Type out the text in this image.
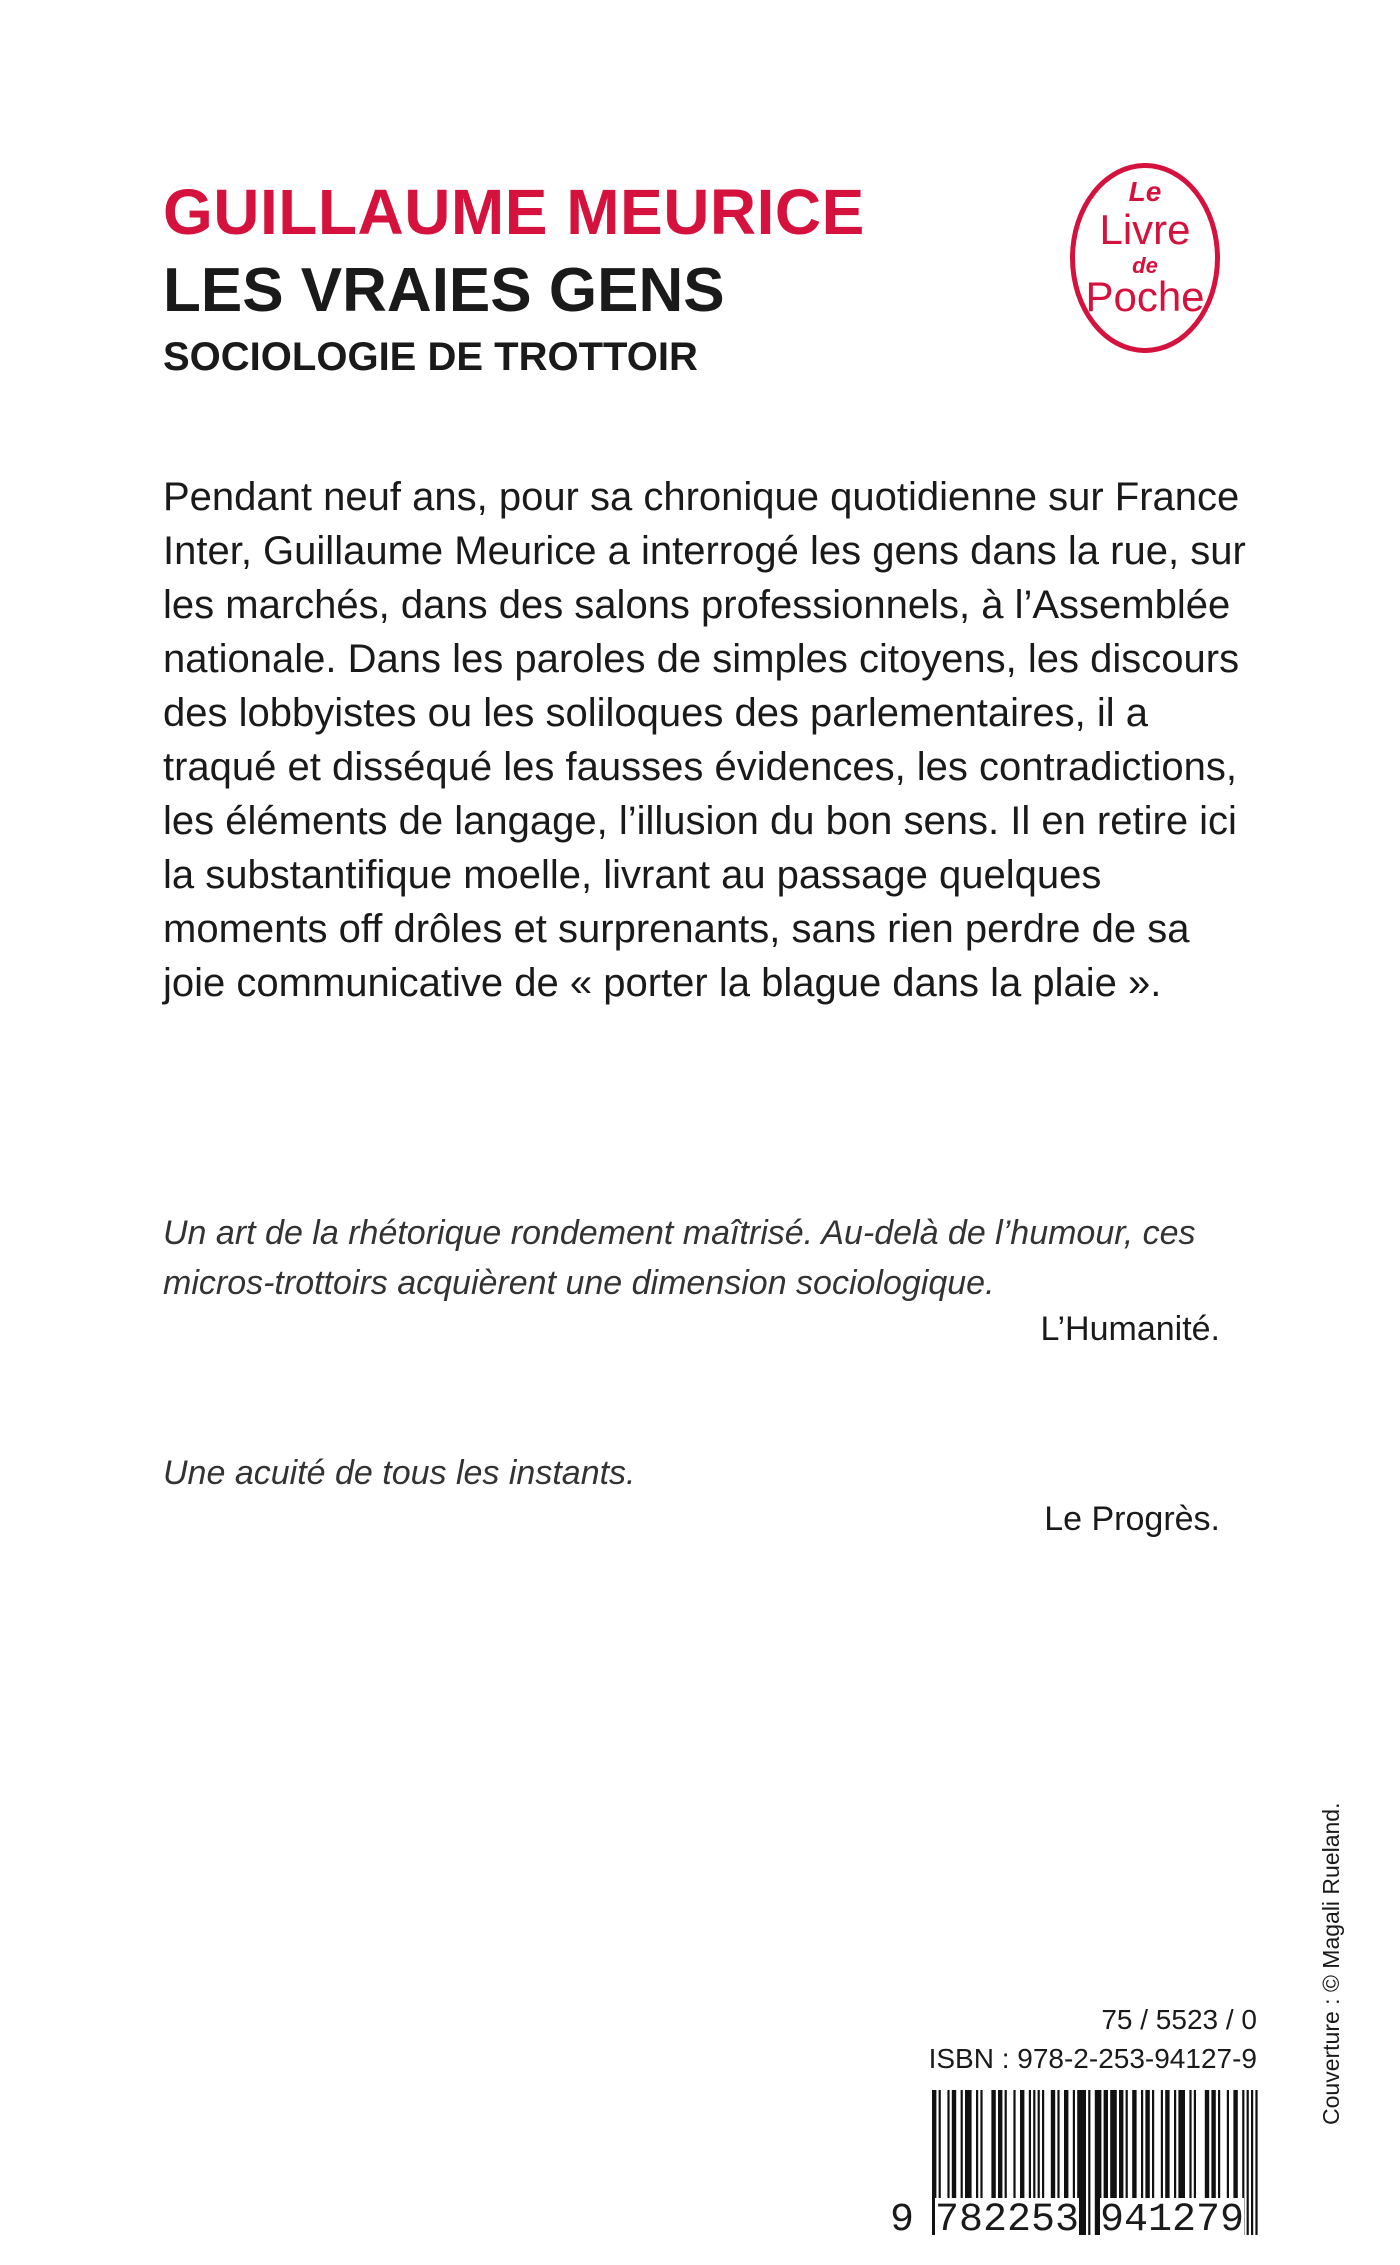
GUILLAUME MEURICE
LES VRAIES GENS
SOCIOLOGIE DE TROTTOIR
Le
Livre
de
Poche

Pendant neuf ans, pour sa chronique quotidienne sur France Inter, Guillaume Meurice a interrogé les gens dans la rue, sur les marchés, dans des salons professionnels, à l’Assemblée nationale. Dans les paroles de simples citoyens, les discours des lobbyistes ou les soliloques des parlementaires, il a traqué et disséqué les fausses évidences, les contradictions, les éléments de langage, l’illusion du bon sens. Il en retire ici la substantifique moelle, livrant au passage quelques moments off drôles et surprenants, sans rien perdre de sa joie communicative de « porter la blague dans la plaie ».

Un art de la rhétorique rondement maîtrisé. Au-delà de l’humour, ces micros-trottoirs acquièrent une dimension sociologique.
L’Humanité.
Une acuité de tous les instants.
Le Progrès.
Couverture : © Magali Rueland.
75 / 5523 / 0
ISBN : 978-2-253-94127-9
9 782253 941279
